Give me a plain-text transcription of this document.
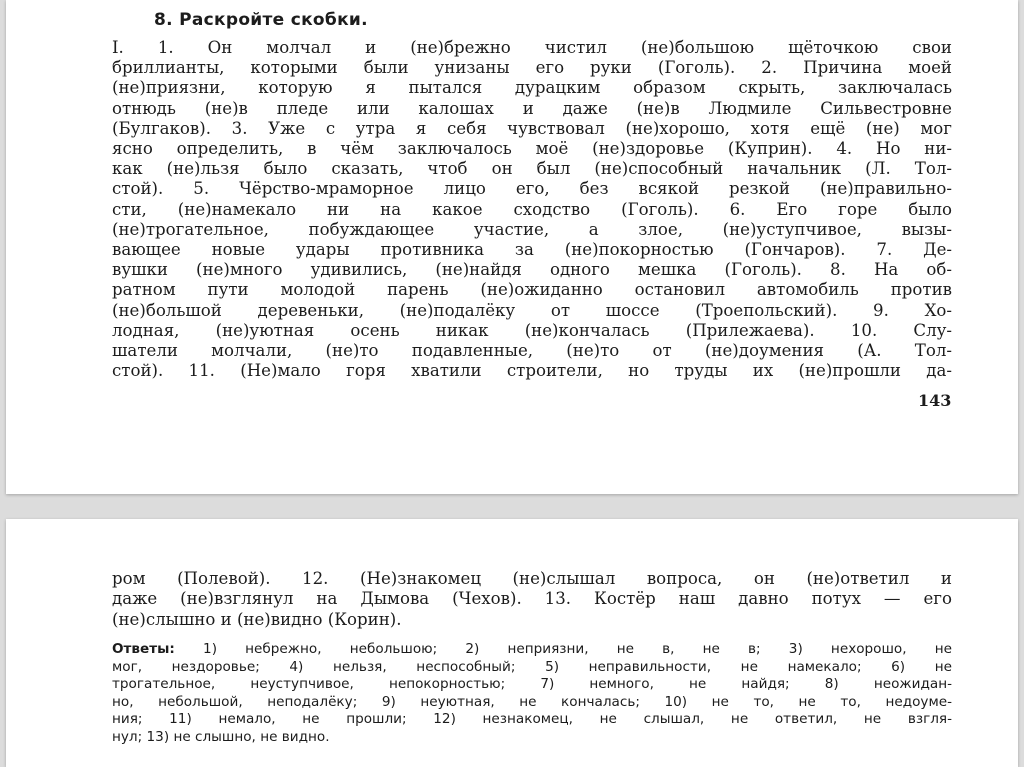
8. Раскройте скобки.
I. 1. Он молчал и (не)брежно чистил (не)большою щёточкою свои
бриллианты, которыми были унизаны его руки (Гоголь). 2. Причина моей
(не)приязни, которую я пытался дурацким образом скрыть, заключалась
отнюдь (не)в пледе или калошах и даже (не)в Людмиле Сильвестровне
(Булгаков). 3. Уже с утра я себя чувствовал (не)хорошо, хотя ещё (не) мог
ясно определить, в чём заключалось моё (не)здоровье (Куприн). 4. Но ни-
как (не)льзя было сказать, чтоб он был (не)способный начальник (Л. Тол-
стой). 5. Чёрство-мраморное лицо его, без всякой резкой (не)правильно-
сти, (не)намекало ни на какое сходство (Гоголь). 6. Его горе было
(не)трогательное, побуждающее участие, а злое, (не)уступчивое, вызы-
вающее новые удары противника за (не)покорностью (Гончаров). 7. Де-
вушки (не)много удивились, (не)найдя одного мешка (Гоголь). 8. На об-
ратном пути молодой парень (не)ожиданно остановил автомобиль против
(не)большой деревеньки, (не)подалёку от шоссе (Троепольский). 9. Хо-
лодная, (не)уютная осень никак (не)кончалась (Прилежаева). 10. Слу-
шатели молчали, (не)то подавленные, (не)то от (не)доумения (А. Тол-
стой). 11. (Не)мало горя хватили строители, но труды их (не)прошли да-
143
ром (Полевой). 12. (Не)знакомец (не)слышал вопроса, он (не)ответил и
даже (не)взглянул на Дымова (Чехов). 13. Костёр наш давно потух — его
(не)слышно и (не)видно (Корин).
Ответы: 1) небрежно, небольшою; 2) неприязни, не в, не в; 3) нехорошо, не
мог, нездоровье; 4) нельзя, неспособный; 5) неправильности, не намекало; 6) не
трогательное, неуступчивое, непокорностью; 7) немного, не найдя; 8) неожидан-
но, небольшой, неподалёку; 9) неуютная, не кончалась; 10) не то, не то, недоуме-
ния; 11) немало, не прошли; 12) незнакомец, не слышал, не ответил, не взгля-
нул; 13) не слышно, не видно.
